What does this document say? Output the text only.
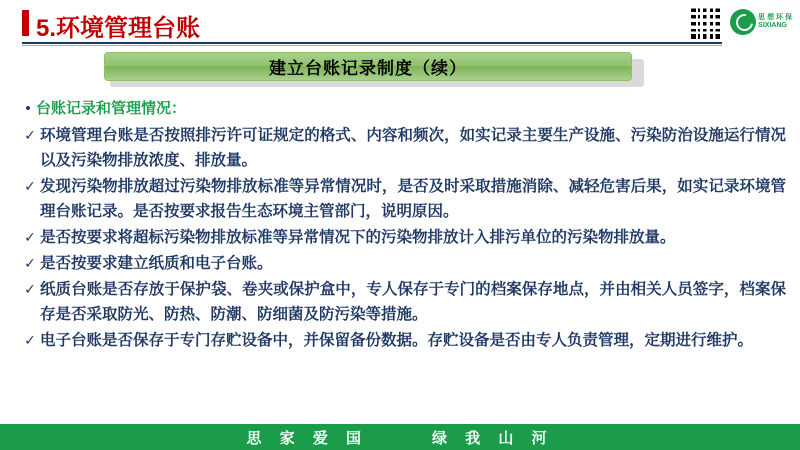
5.环境管理台账	思 想 环 保
SIXIANG
建立台账记录制度（续）
• 台账记录和管理情况：
✓ 环境管理台账是否按照排污许可证规定的格式、内容和频次，如实记录主要生产设施、污染防治设施运行情况以及污染物排放浓度、排放量。
✓ 发现污染物排放超过污染物排放标准等异常情况时，是否及时采取措施消除、减轻危害后果，如实记录环境管理台账记录。是否按要求报告生态环境主管部门，说明原因。
✓ 是否按要求将超标污染物排放标准等异常情况下的污染物排放计入排污单位的污染物排放量。
✓ 是否按要求建立纸质和电子台账。
✓ 纸质台账是否存放于保护袋、卷夹或保护盒中，专人保存于专门的档案保存地点，并由相关人员签字，档案保存是否采取防光、防热、防潮、防细菌及防污染等措施。
✓ 电子台账是否保存于专门存贮设备中，并保留备份数据。存贮设备是否由专人负责管理，定期进行维护。
思 家 爱 国	绿 我 山 河
